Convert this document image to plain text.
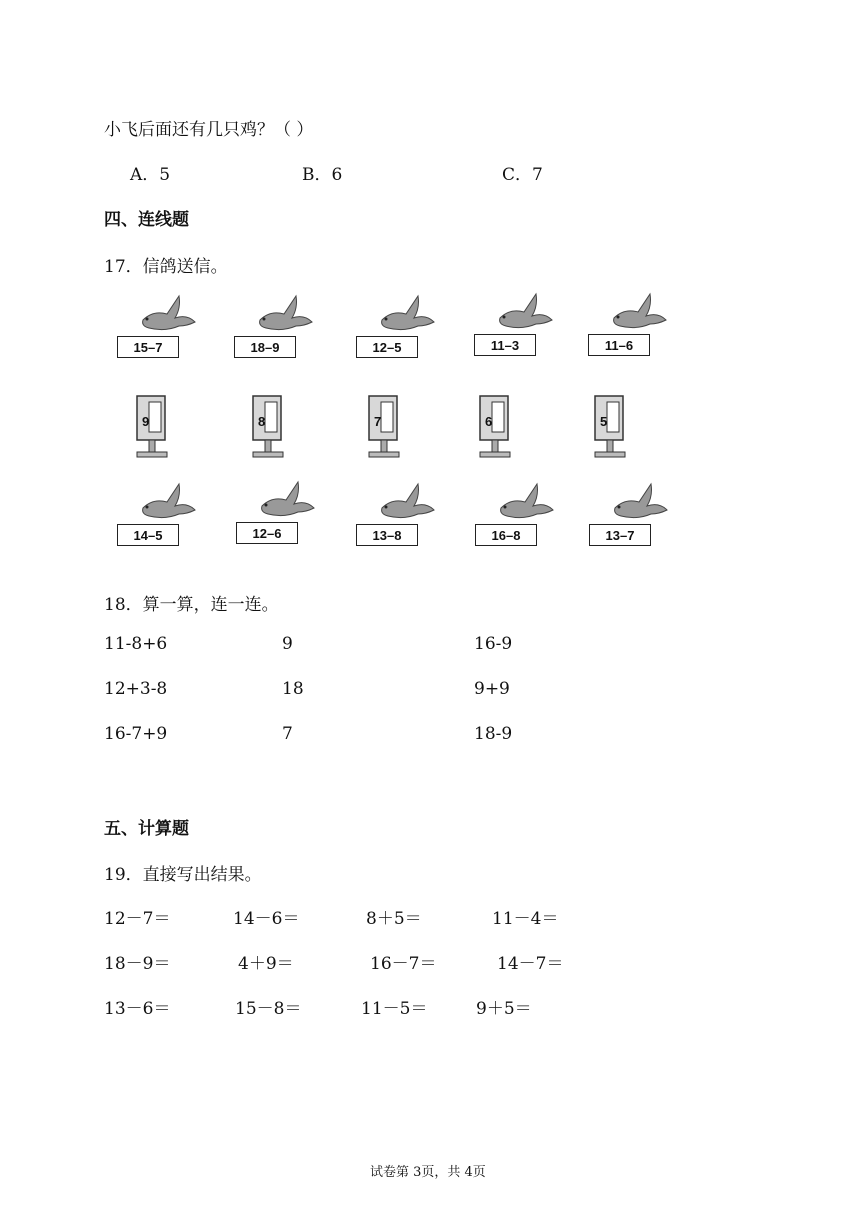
小飞后面还有几只鸡？（ ）
A．5	B．6	C．7
四、连线题
17．信鸽送信。
15–7	18–9	12–5	11–3	11–6
9	8	7	6	5
14–5	12–6	13–8	16–8	13–7
18．算一算，连一连。
11-8+6	9	16-9
12+3-8	18	9+9
16-7+9	7	18-9
五、计算题
19．直接写出结果。
12－7＝	14－6＝	8＋5＝	11－4＝
18－9＝	4＋9＝	16－7＝	14－7＝
13－6＝	15－8＝	11－5＝	9＋5＝
试卷第 3页，共 4页
